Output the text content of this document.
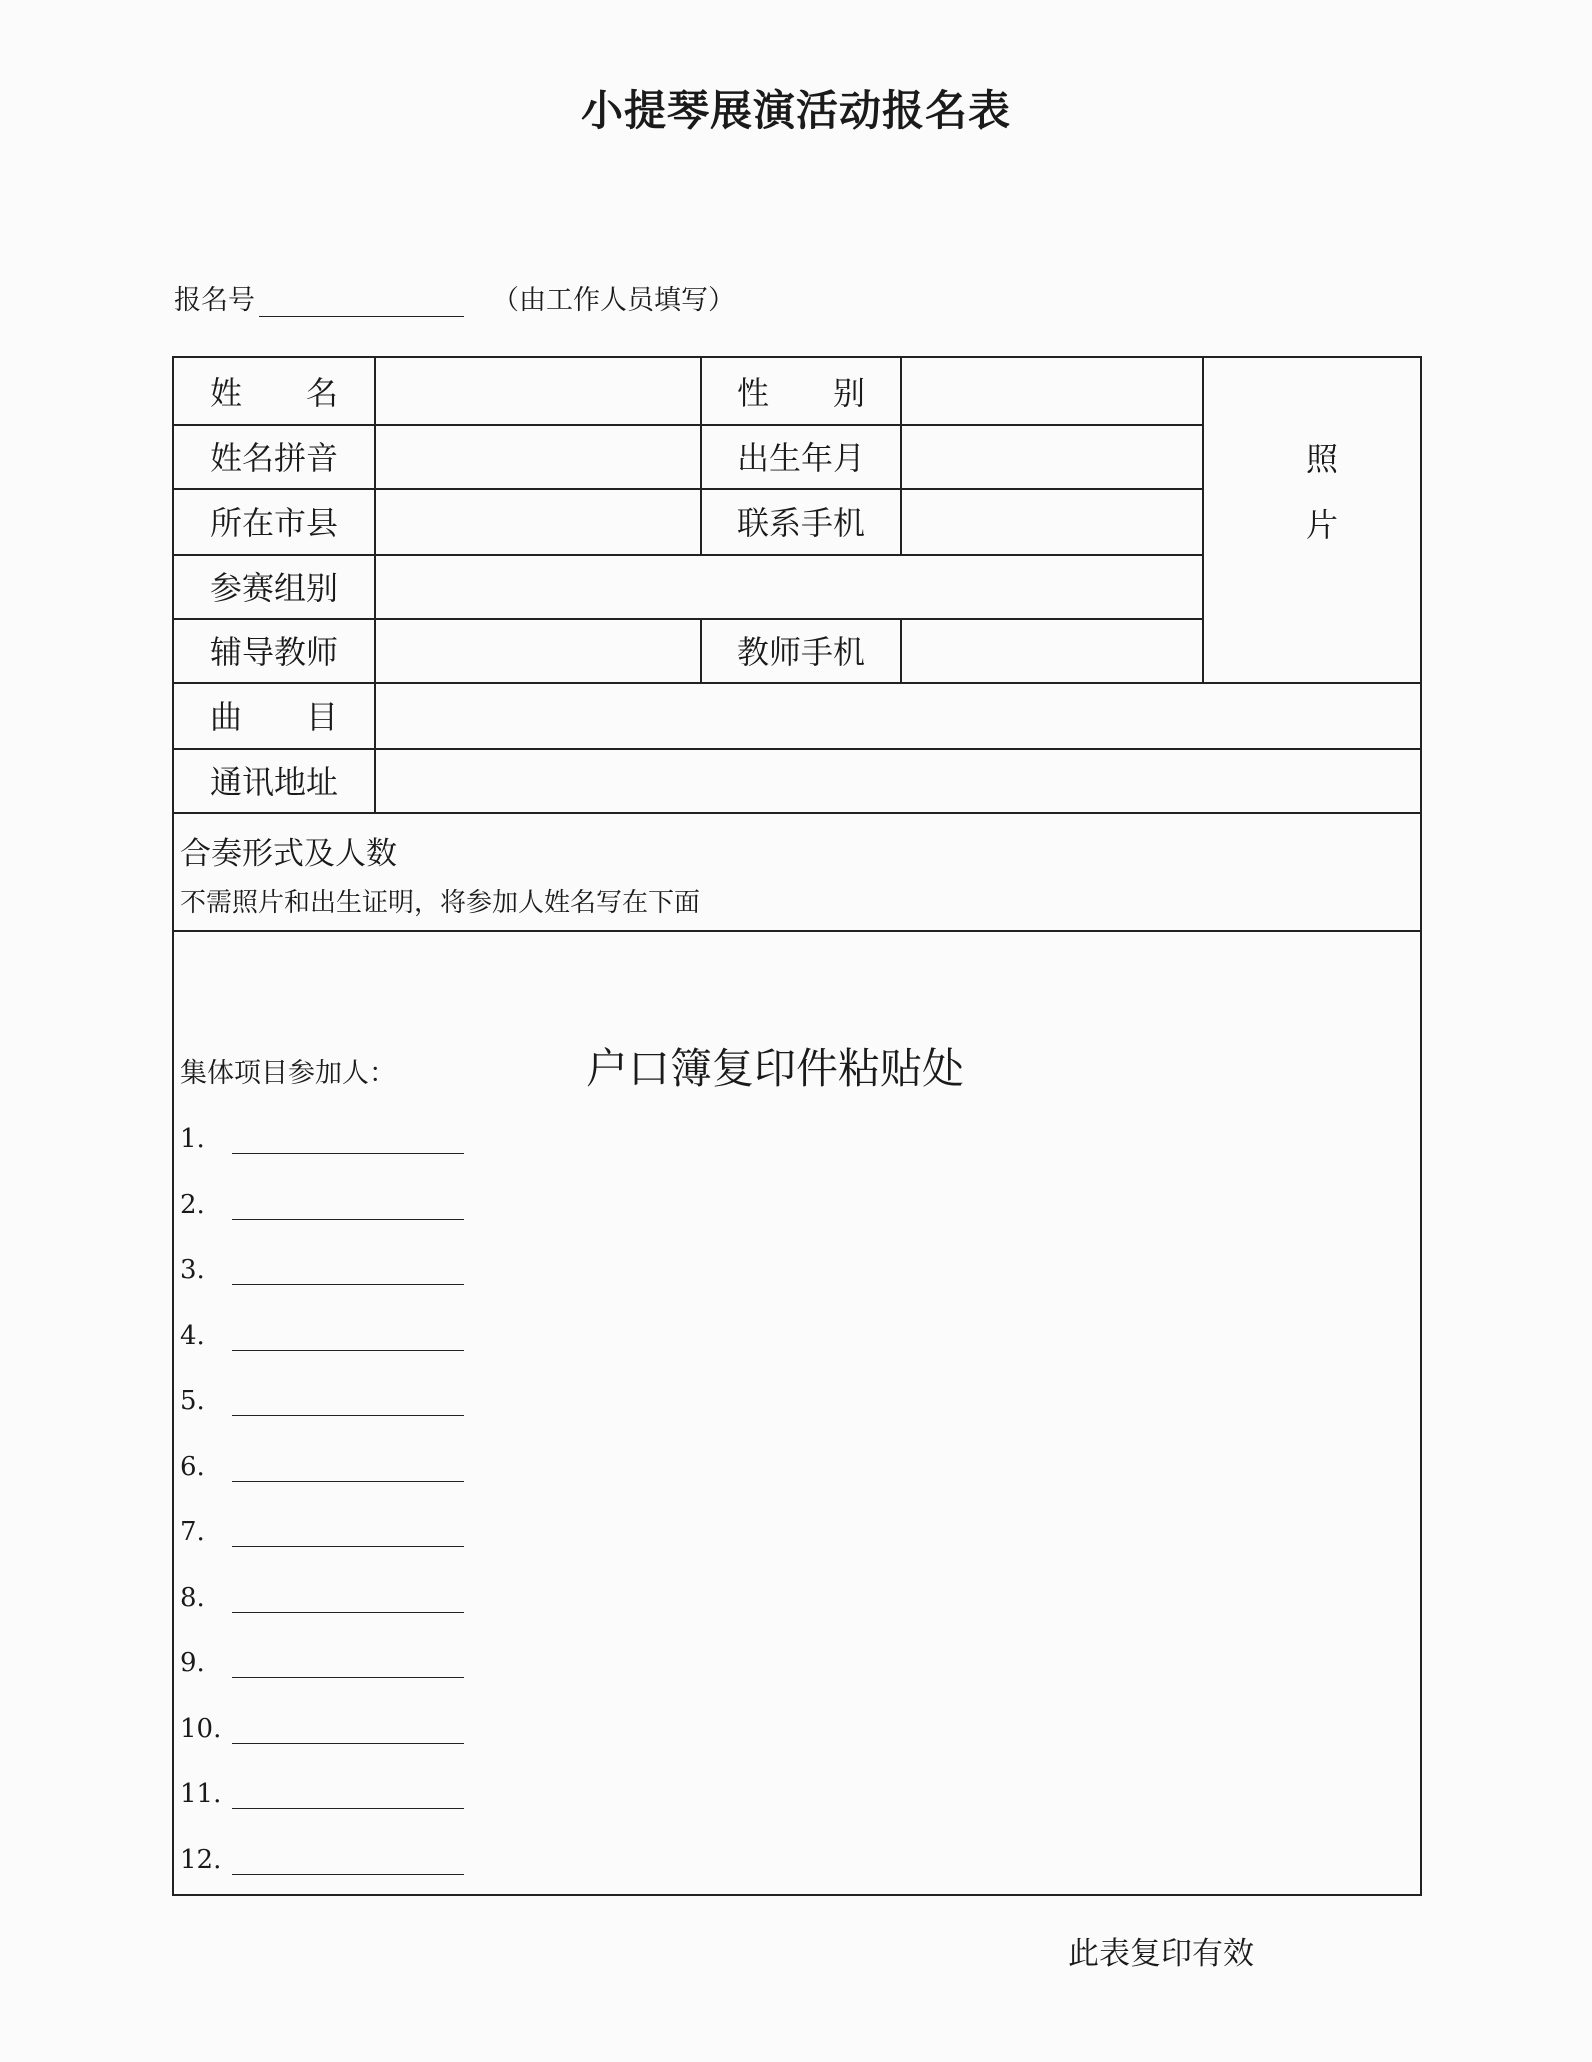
小提琴展演活动报名表
报名号	（由工作人员填写）
姓　　名	性　　别
姓名拼音	出生年月
所在市县	联系手机
参赛组别
辅导教师	教师手机
照
片
曲　　目
通讯地址
合奏形式及人数
不需照片和出生证明，将参加人姓名写在下面
集体项目参加人：	户口簿复印件粘贴处
1.
2.
3.
4.
5.
6.
7.
8.
9.
10.
11.
12.
此表复印有效
